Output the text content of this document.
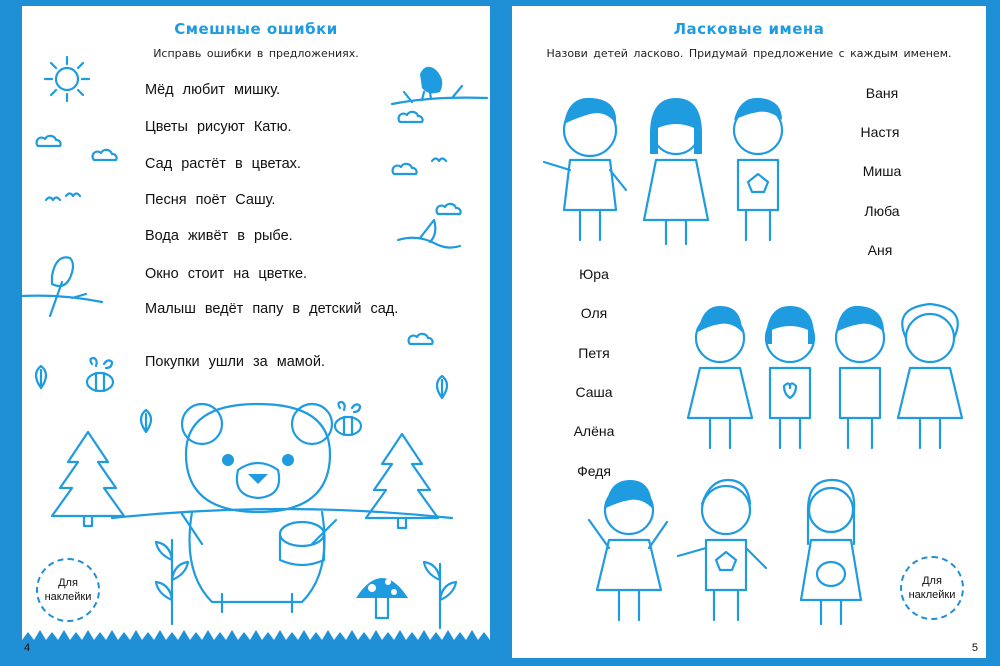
Смешные ошибки
Исправь ошибки в предложениях.

Мёд любит мишку.

Цветы рисуют Катю.

Сад растёт в цветах.

Песня поёт Сашу.

Вода живёт в рыбе.

Окно стоит на цветке.

Малыш ведёт папу в детский сад.

Покупки ушли за мамой.

Для наклейки
4
Ласковые имена
Назови детей ласково. Придумай предложение с каждым именем.
Ваня
Настя
Миша
Люба
Аня
Юра
Оля
Петя
Саша
Алёна
Федя
Для наклейки
5
